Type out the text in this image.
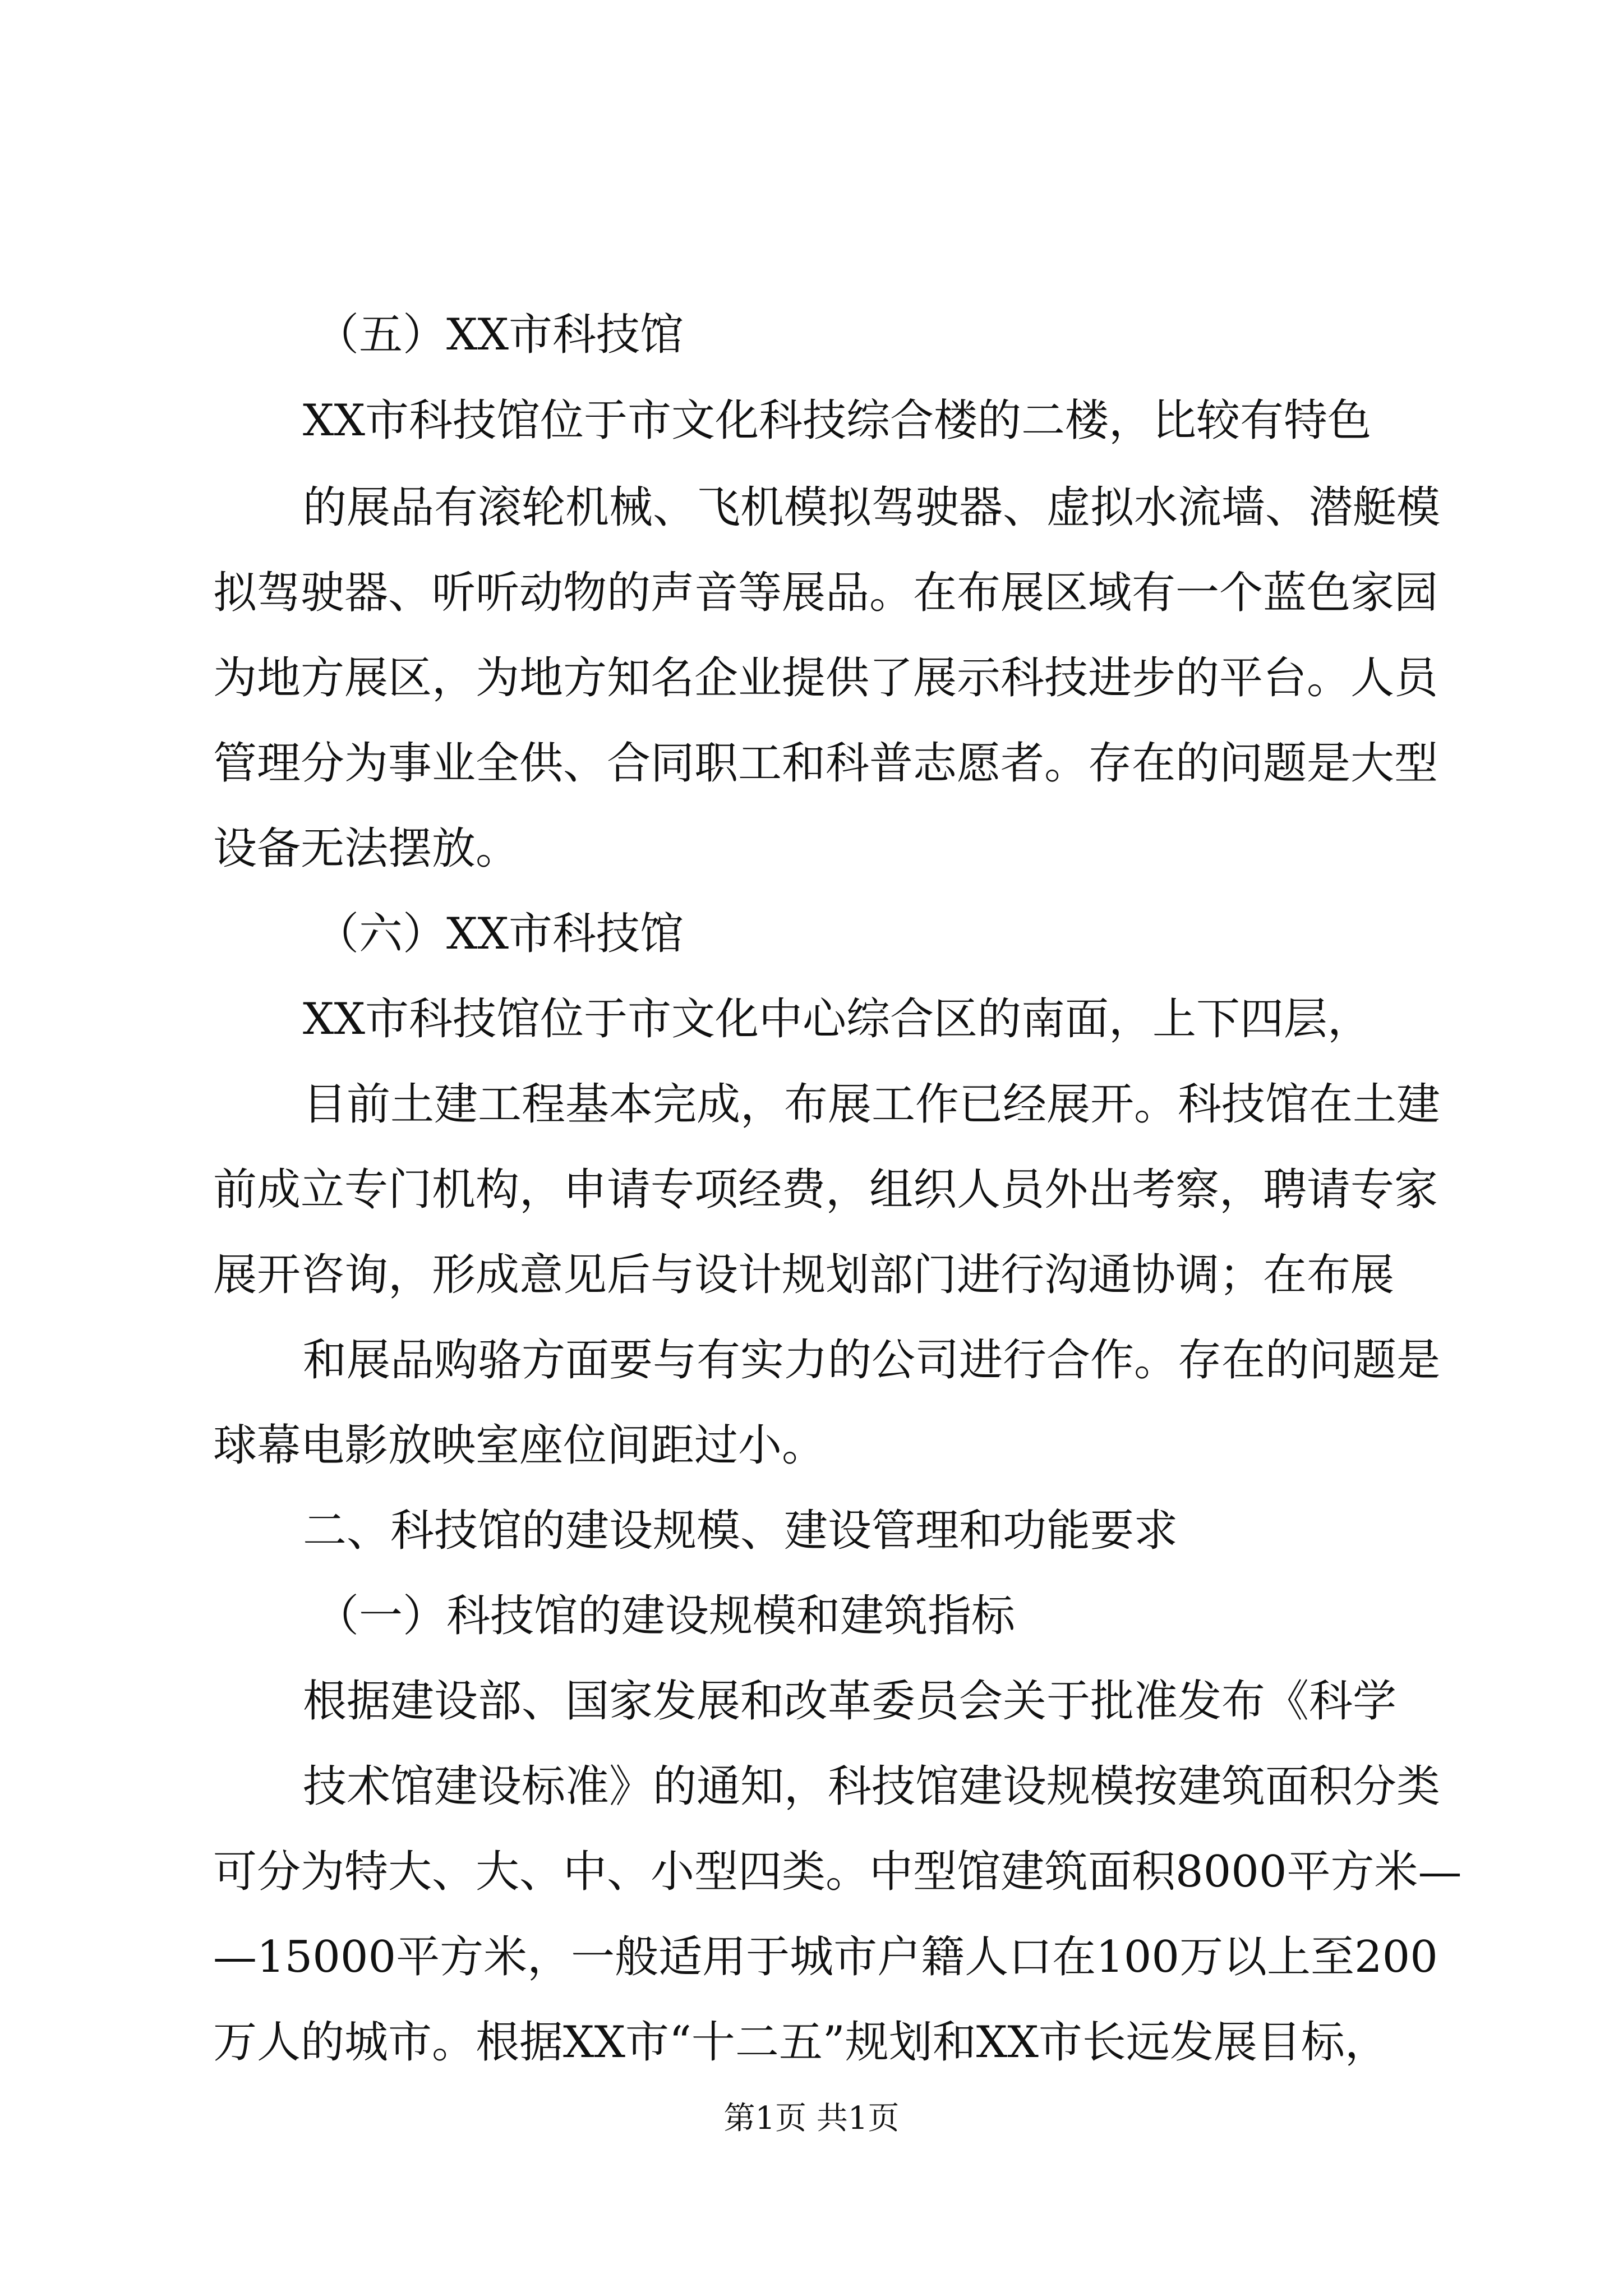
（五）XX市科技馆
XX市科技馆位于市文化科技综合楼的二楼，比较有特色
的展品有滚轮机械、飞机模拟驾驶器、虚拟水流墙、潜艇模
拟驾驶器、听听动物的声音等展品。在布展区域有一个蓝色家园
为地方展区，为地方知名企业提供了展示科技进步的平台。人员
管理分为事业全供、合同职工和科普志愿者。存在的问题是大型
设备无法摆放。
（六）XX市科技馆
XX市科技馆位于市文化中心综合区的南面，上下四层，
目前土建工程基本完成，布展工作已经展开。科技馆在土建
前成立专门机构，申请专项经费，组织人员外出考察，聘请专家
展开咨询，形成意见后与设计规划部门进行沟通协调；在布展
和展品购骆方面要与有实力的公司进行合作。存在的问题是
球幕电影放映室座位间距过小。
二、科技馆的建设规模、建设管理和功能要求
（一）科技馆的建设规模和建筑指标
根据建设部、国家发展和改革委员会关于批准发布《科学
技术馆建设标准》的通知，科技馆建设规模按建筑面积分类
可分为特大、大、中、小型四类。中型馆建筑面积8000平方米—
—15000平方米，一般适用于城市户籍人口在100万以上至200
万人的城市。根据XX市“十二五”规划和XX市长远发展目标，
第1页 共1页
